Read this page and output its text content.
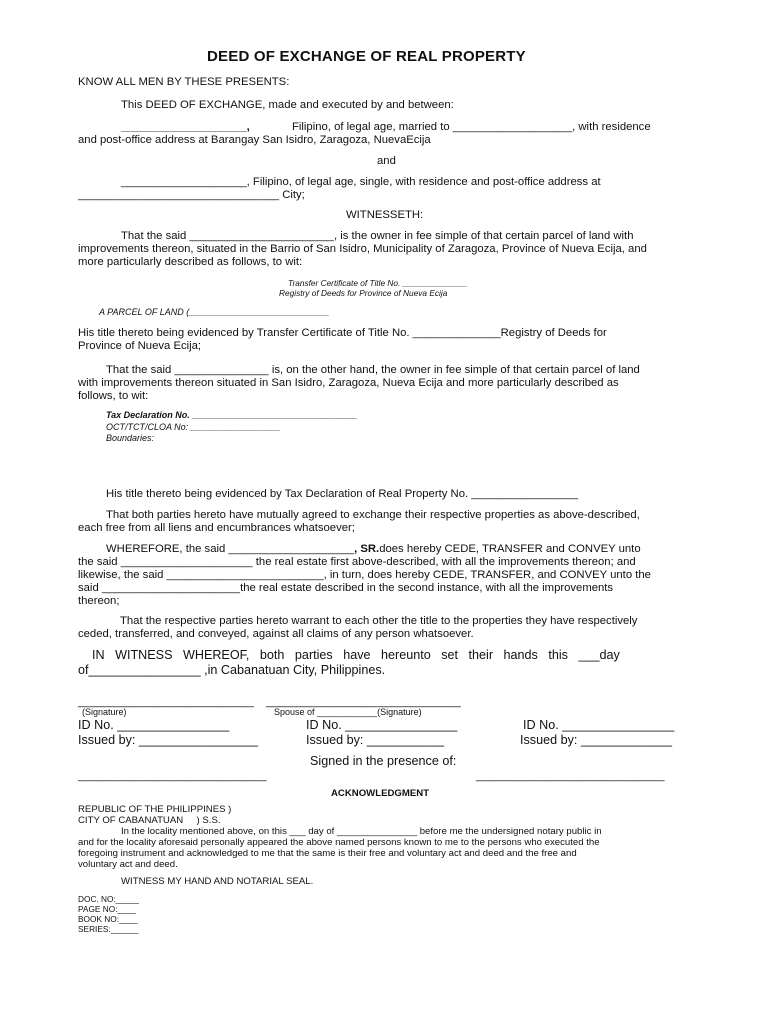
DEED OF EXCHANGE OF REAL PROPERTY
KNOW ALL MEN BY THESE PRESENTS:
This DEED OF EXCHANGE, made and executed by and between:
____________________,	Filipino, of legal age, married to ___________________, with residence
and post-office address at Barangay San Isidro, Zaragoza, NuevaEcija
and
____________________, Filipino, of legal age, single, with residence and post-office address at
________________________________ City;
WITNESSETH:
That the said _______________________, is the owner in fee simple of that certain parcel of land with
improvements thereon, situated in the Barrio of San Isidro, Municipality of Zaragoza, Province of Nueva Ecija, and
more particularly described as follows, to wit:
Transfer Certificate of Title No. ______________
Registry of Deeds for Province of Nueva Ecija
A PARCEL OF LAND (____________________________
His title thereto being evidenced by Transfer Certificate of Title No. ______________Registry of Deeds for
Province of Nueva Ecija;
That the said _______________ is, on the other hand, the owner in fee simple of that certain parcel of land
with improvements thereon situated in San Isidro, Zaragoza, Nueva Ecija and more particularly described as
follows, to wit:
Tax Declaration No. _________________________________
OCT/TCT/CLOA No: __________________
Boundaries:
His title thereto being evidenced by Tax Declaration of Real Property No. _________________
That both parties hereto have mutually agreed to exchange their respective properties as above-described,
each free from all liens and encumbrances whatsoever;
WHEREFORE, the said ____________________, SR.does hereby CEDE, TRANSFER and CONVEY unto
the said _____________________ the real estate first above-described, with all the improvements thereon; and
likewise, the said _________________________, in turn, does hereby CEDE, TRANSFER, and CONVEY unto the
said ______________________the real estate described in the second instance, with all the improvements
thereon;
That the respective parties hereto warrant to each other the title to the properties they have respectively
ceded, transferred, and conveyed, against all claims of any person whatsoever.
IN   WITNESS   WHEREOF,   both   parties   have   hereunto   set   their   hands   this   ___day
of________________ ,in Cabanatuan City, Philippines.
____________________________ _______________________________
(Signature)	Spouse of ____________(Signature)
ID No. ________________	ID No. ________________	ID No. ________________
Issued by: _________________	Issued by: ___________	Issued by: _____________
Signed in the presence of:
______________________________	______________________________
ACKNOWLEDGMENT
REPUBLIC OF THE PHILIPPINES )
CITY OF CABANATUAN     ) S.S.
In the locality mentioned above, on this ___ day of _______________ before me the undersigned notary public in
and for the locality aforesaid personally appeared the above named persons known to me to the persons who executed the
foregoing instrument and acknowledged to me that the same is their free and voluntary act and deed and the free and
voluntary act and deed.
WITNESS MY HAND AND NOTARIAL SEAL.
DOC. NO:_____
PAGE NO:____
BOOK NO:____
SERIES:______
